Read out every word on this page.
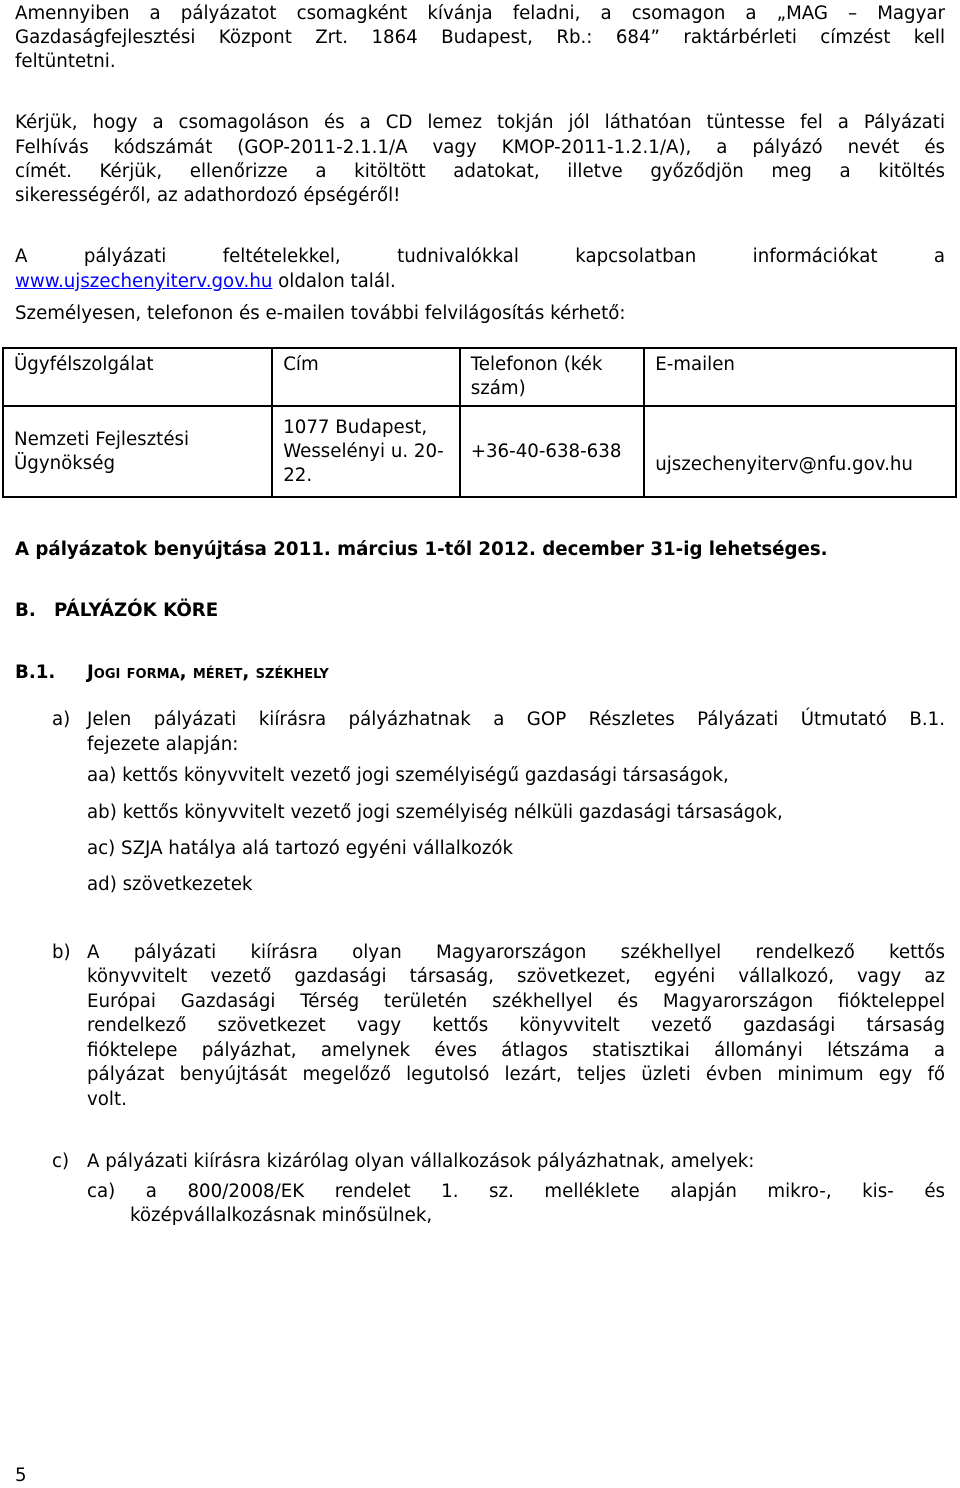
Amennyiben a pályázatot csomagként kívánja feladni, a csomagon a „MAG – Magyar
Gazdaságfejlesztési Központ Zrt. 1864 Budapest, Rb.: 684” raktárbérleti címzést kell
feltüntetni.
Kérjük, hogy a csomagoláson és a CD lemez tokján jól láthatóan tüntesse fel a Pályázati
Felhívás kódszámát (GOP-2011-2.1.1/A vagy KMOP-2011-1.2.1/A), a pályázó nevét és
címét. Kérjük, ellenőrizze a kitöltött adatokat, illetve győződjön meg a kitöltés
sikerességéről, az adathordozó épségéről!
A pályázati feltételekkel, tudnivalókkal kapcsolatban információkat a
www.ujszechenyiterv.gov.hu oldalon talál.
Személyesen, telefonon és e-mailen további felvilágosítás kérhető:
Ügyfélszolgálat	Cím	Telefonon (kék szám)	E-mailen
Nemzeti Fejlesztési Ügynökség	1077 Budapest, Wesselényi u. 20-22.	+36-40-638-638	ujszechenyiterv@nfu.gov.hu
A pályázatok benyújtása 2011. március 1-től 2012. december 31-ig lehetséges.
B. PÁLYÁZÓK KÖRE
B.1. Jogi forma, méret, székhely
a) Jelen pályázati kiírásra pályázhatnak a GOP Részletes Pályázati Útmutató B.1.
fejezete alapján:
aa) kettős könyvvitelt vezető jogi személyiségű gazdasági társaságok,
ab) kettős könyvvitelt vezető jogi személyiség nélküli gazdasági társaságok,
ac) SZJA hatálya alá tartozó egyéni vállalkozók
ad) szövetkezetek
b) A pályázati kiírásra olyan Magyarországon székhellyel rendelkező kettős
könyvvitelt vezető gazdasági társaság, szövetkezet, egyéni vállalkozó, vagy az
Európai Gazdasági Térség területén székhellyel és Magyarországon fiókteleppel
rendelkező szövetkezet vagy kettős könyvvitelt vezető gazdasági társaság
fióktelepe pályázhat, amelynek éves átlagos statisztikai állományi létszáma a
pályázat benyújtását megelőző legutolsó lezárt, teljes üzleti évben minimum egy fő
volt.
c) A pályázati kiírásra kizárólag olyan vállalkozások pályázhatnak, amelyek:
ca) a 800/2008/EK rendelet 1. sz. melléklete alapján mikro-, kis- és
középvállalkozásnak minősülnek,
5
